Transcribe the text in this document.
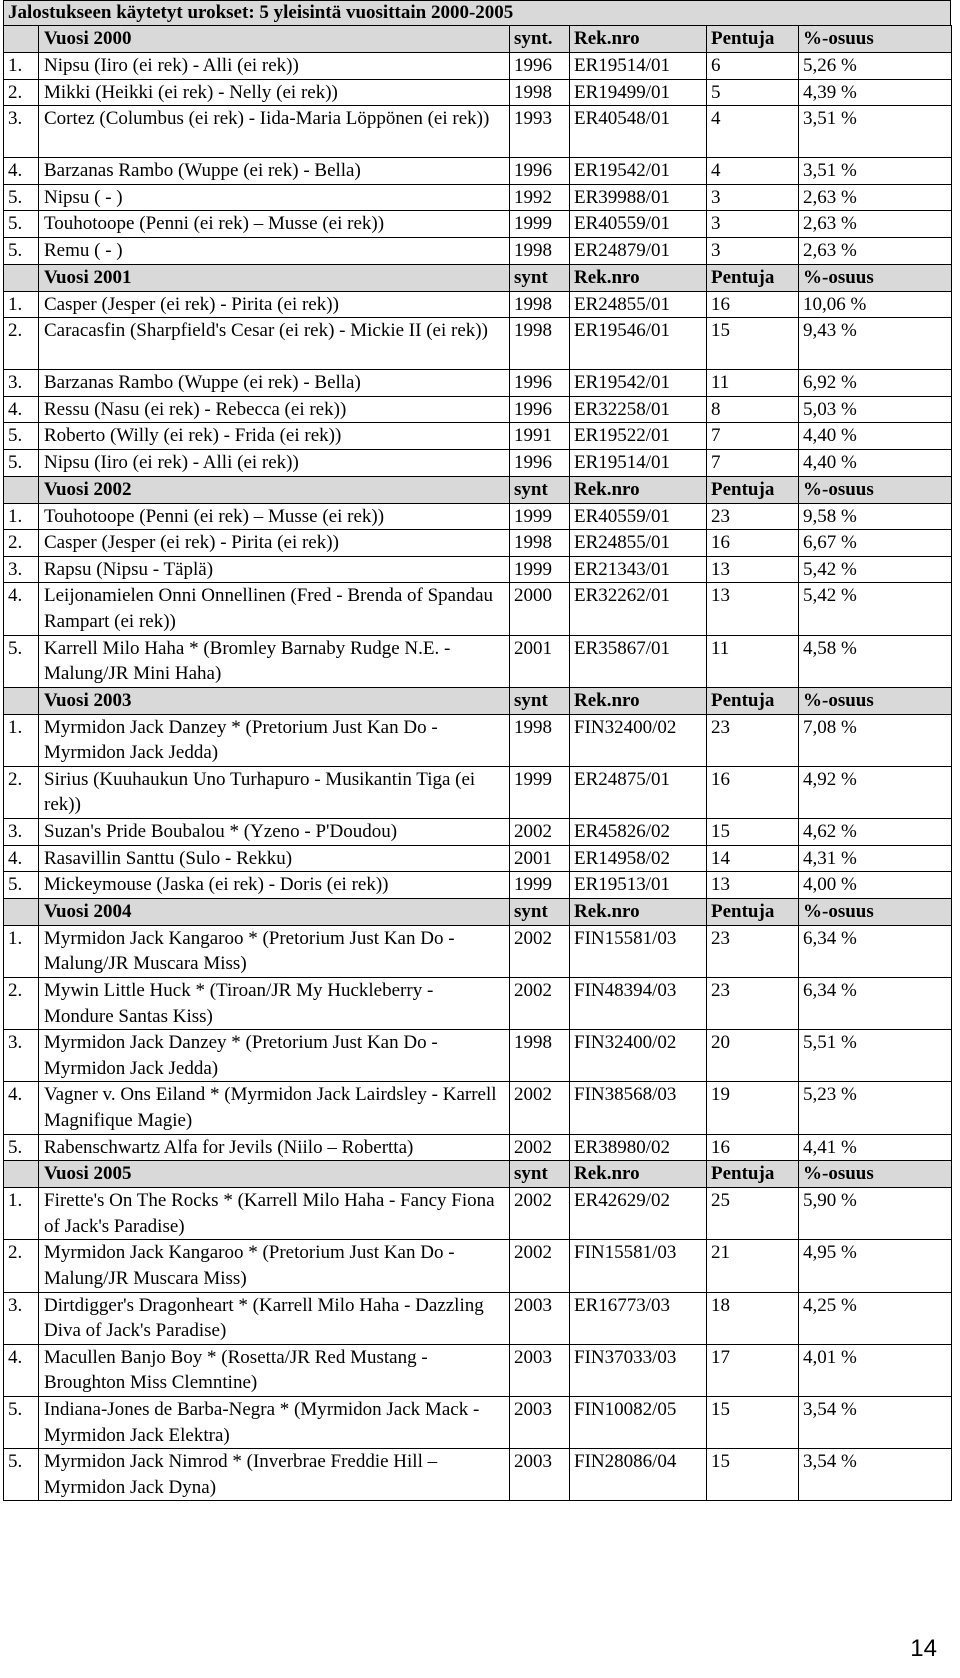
Jalostukseen käytetyt urokset: 5 yleisintä vuosittain 2000-2005
	Vuosi 2000	synt.	Rek.nro	Pentuja	%-osuus
1.	Nipsu (Iiro (ei rek) - Alli (ei rek))	1996	ER19514/01	6	5,26 %
2.	Mikki (Heikki (ei rek) - Nelly (ei rek))	1998	ER19499/01	5	4,39 %
3.	Cortez (Columbus (ei rek) - Iida-Maria Löppönen (ei rek))	1993	ER40548/01	4	3,51 %
4.	Barzanas Rambo (Wuppe (ei rek) - Bella)	1996	ER19542/01	4	3,51 %
5.	Nipsu ( - )	1992	ER39988/01	3	2,63 %
5.	Touhotoope (Penni (ei rek) – Musse (ei rek))	1999	ER40559/01	3	2,63 %
5.	Remu ( - )	1998	ER24879/01	3	2,63 %
	Vuosi 2001	synt	Rek.nro	Pentuja	%-osuus
1.	Casper (Jesper (ei rek) - Pirita (ei rek))	1998	ER24855/01	16	10,06 %
2.	Caracasfin (Sharpfield's Cesar (ei rek) - Mickie II (ei rek))	1998	ER19546/01	15	9,43 %
3.	Barzanas Rambo (Wuppe (ei rek) - Bella)	1996	ER19542/01	11	6,92 %
4.	Ressu (Nasu (ei rek) - Rebecca (ei rek))	1996	ER32258/01	8	5,03 %
5.	Roberto (Willy (ei rek) - Frida (ei rek))	1991	ER19522/01	7	4,40 %
5.	Nipsu (Iiro (ei rek) - Alli (ei rek))	1996	ER19514/01	7	4,40 %
	Vuosi 2002	synt	Rek.nro	Pentuja	%-osuus
1.	Touhotoope (Penni (ei rek) – Musse (ei rek))	1999	ER40559/01	23	9,58 %
2.	Casper (Jesper (ei rek) - Pirita (ei rek))	1998	ER24855/01	16	6,67 %
3.	Rapsu (Nipsu - Täplä)	1999	ER21343/01	13	5,42 %
4.	Leijonamielen Onni Onnellinen (Fred - Brenda of Spandau Rampart (ei rek))	2000	ER32262/01	13	5,42 %
5.	Karrell Milo Haha * (Bromley Barnaby Rudge N.E. - Malung/JR Mini Haha)	2001	ER35867/01	11	4,58 %
	Vuosi 2003	synt	Rek.nro	Pentuja	%-osuus
1.	Myrmidon Jack Danzey * (Pretorium Just Kan Do - Myrmidon Jack Jedda)	1998	FIN32400/02	23	7,08 %
2.	Sirius (Kuuhaukun Uno Turhapuro - Musikantin Tiga (ei rek))	1999	ER24875/01	16	4,92 %
3.	Suzan's Pride Boubalou * (Yzeno - P'Doudou)	2002	ER45826/02	15	4,62 %
4.	Rasavillin Santtu (Sulo - Rekku)	2001	ER14958/02	14	4,31 %
5.	Mickeymouse (Jaska (ei rek) - Doris (ei rek))	1999	ER19513/01	13	4,00 %
	Vuosi 2004	synt	Rek.nro	Pentuja	%-osuus
1.	Myrmidon Jack Kangaroo * (Pretorium Just Kan Do - Malung/JR Muscara Miss)	2002	FIN15581/03	23	6,34 %
2.	Mywin Little Huck * (Tiroan/JR My Huckleberry - Mondure Santas Kiss)	2002	FIN48394/03	23	6,34 %
3.	Myrmidon Jack Danzey * (Pretorium Just Kan Do - Myrmidon Jack Jedda)	1998	FIN32400/02	20	5,51 %
4.	Vagner v. Ons Eiland * (Myrmidon Jack Lairdsley - Karrell Magnifique Magie)	2002	FIN38568/03	19	5,23 %
5.	Rabenschwartz Alfa for Jevils (Niilo – Robertta)	2002	ER38980/02	16	4,41 %
	Vuosi 2005	synt	Rek.nro	Pentuja	%-osuus
1.	Firette's On The Rocks * (Karrell Milo Haha - Fancy Fiona of Jack's Paradise)	2002	ER42629/02	25	5,90 %
2.	Myrmidon Jack Kangaroo * (Pretorium Just Kan Do - Malung/JR Muscara Miss)	2002	FIN15581/03	21	4,95 %
3.	Dirtdigger's Dragonheart * (Karrell Milo Haha - Dazzling Diva of Jack's Paradise)	2003	ER16773/03	18	4,25 %
4.	Macullen Banjo Boy * (Rosetta/JR Red Mustang - Broughton Miss Clemntine)	2003	FIN37033/03	17	4,01 %
5.	Indiana-Jones de Barba-Negra * (Myrmidon Jack Mack - Myrmidon Jack Elektra)	2003	FIN10082/05	15	3,54 %
5.	Myrmidon Jack Nimrod * (Inverbrae Freddie Hill – Myrmidon Jack Dyna)	2003	FIN28086/04	15	3,54 %
14
